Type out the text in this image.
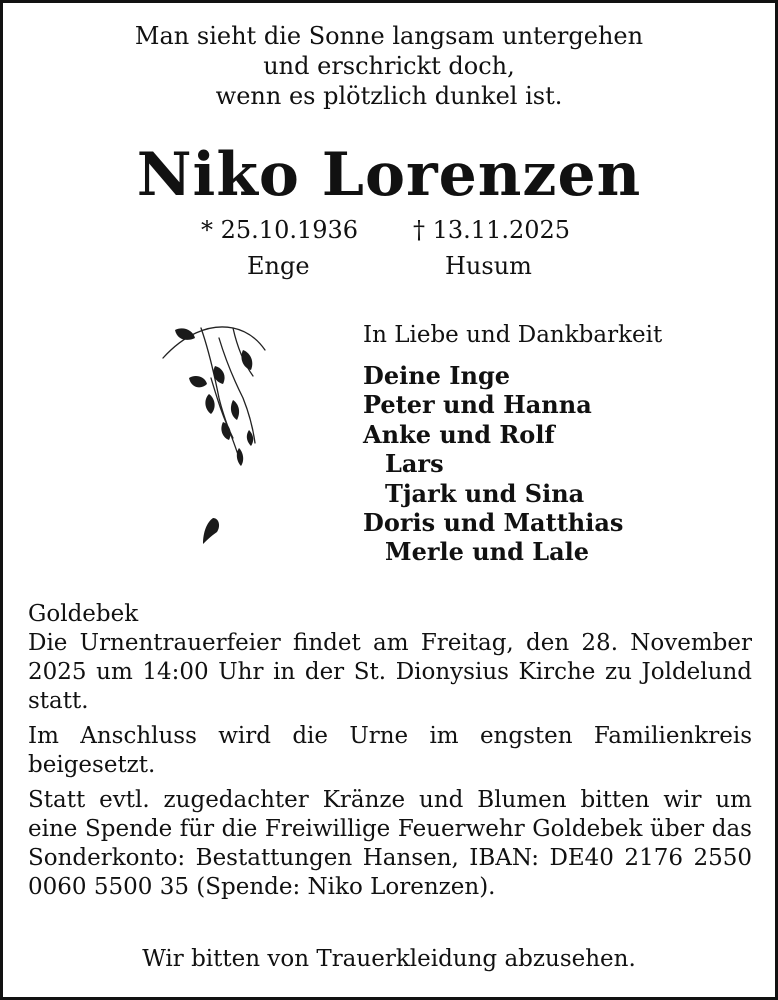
Man sieht die Sonne langsam untergehen
und erschrickt doch,
wenn es plötzlich dunkel ist.
Niko Lorenzen
* 25.10.1936
Enge
† 13.11.2025
Husum
In Liebe und Dankbarkeit
Deine Inge
Peter und Hanna
Anke und Rolf
Lars
Tjark und Sina
Doris und Matthias
Merle und Lale

Goldebek

Die Urnentrauerfeier findet am Freitag, den 28. November 2025 um 14:00 Uhr in der St. Dionysius Kirche zu Joldelund statt.

Im Anschluss wird die Urne im engsten Familienkreis beigesetzt.

Statt evtl. zugedachter Kränze und Blumen bitten wir um eine Spende für die Freiwillige Feuerwehr Goldebek über das Sonderkonto: Bestattungen Hansen, IBAN: DE40 2176 2550 0060 5500 35 (Spende: Niko Lorenzen).

Wir bitten von Trauerkleidung abzusehen.
